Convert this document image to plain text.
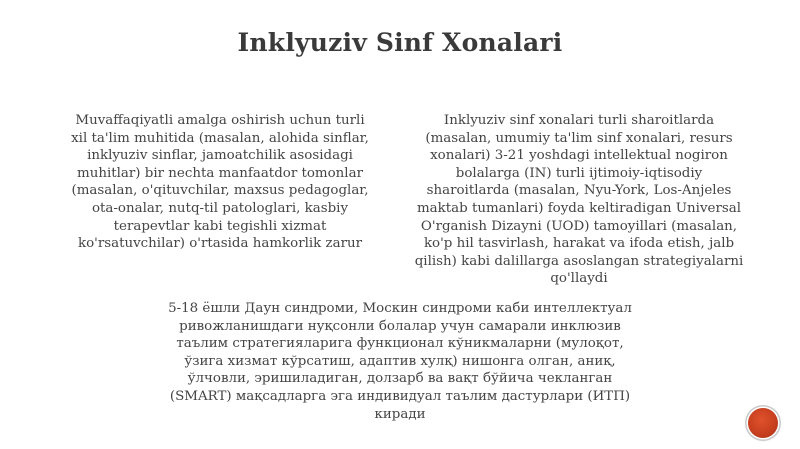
Inklyuziv Sinf Xonalari
Muvaffaqiyatli amalga oshirish uchun turli
xil ta'lim muhitida (masalan, alohida sinflar,
inklyuziv sinflar, jamoatchilik asosidagi
muhitlar) bir nechta manfaatdor tomonlar
(masalan, o'qituvchilar, maxsus pedagoglar,
ota-onalar, nutq-til patologlari, kasbiy
terapevtlar kabi tegishli xizmat
ko'rsatuvchilar) o'rtasida hamkorlik zarur
Inklyuziv sinf xonalari turli sharoitlarda
(masalan, umumiy ta'lim sinf xonalari, resurs
xonalari) 3-21 yoshdagi intellektual nogiron
bolalarga (IN) turli ijtimoiy-iqtisodiy
sharoitlarda (masalan, Nyu-York, Los-Anjeles
maktab tumanlari) foyda keltiradigan Universal
O'rganish Dizayni (UOD) tamoyillari (masalan,
ko'p hil tasvirlash, harakat va ifoda etish, jalb
qilish) kabi dalillarga asoslangan strategiyalarni
qo'llaydi
5-18 ёшли Даун синдроми, Москин синдроми каби интеллектуал
ривожланишдаги нуқсонли болалар учун самарали инклюзив
таълим стратегияларига функционал кўникмаларни (мулоқот,
ўзига хизмат кўрсатиш, адаптив хулқ) нишонга олган, аниқ,
ўлчовли, эришиладиган, долзарб ва вақт бўйича чекланган
(SMART) мақсадларга эга индивидуал таълим дастурлари (ИТП)
киради
